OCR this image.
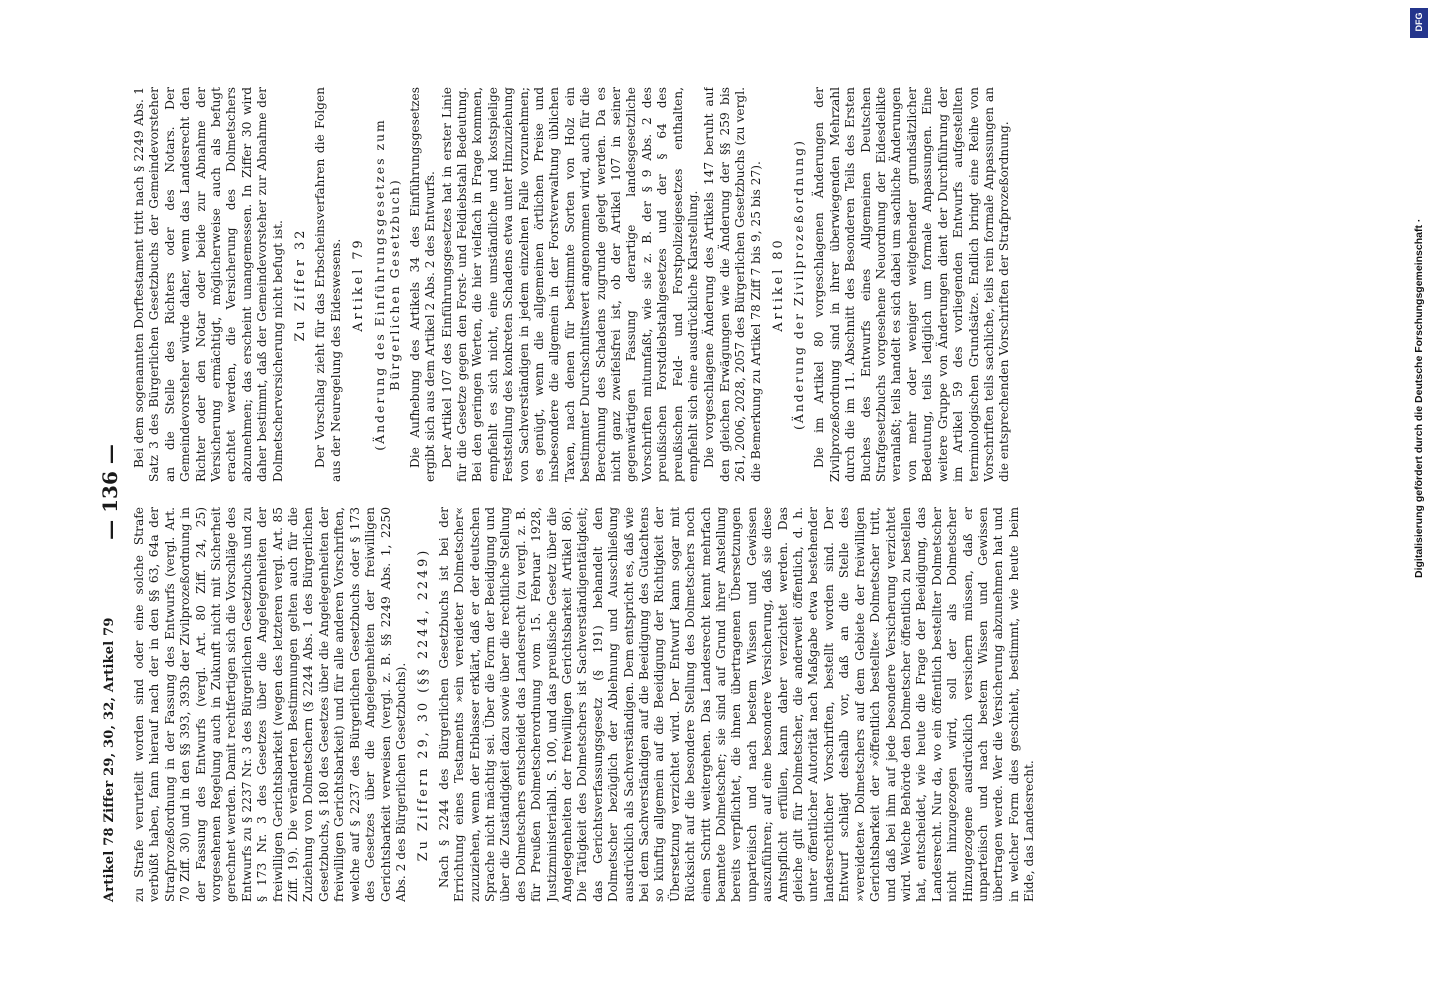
Artikel 78 Ziffer 29, 30, 32, Artikel 79
— 136 —

zu Strafe verurteilt worden sind oder eine solche Strafe verbüßt haben, fann hierauf nach der in den §§ 63, 64a der Strafprozeßordnung in der Fassung des Entwurfs (vergl. Art. 70 Ziff. 30) und in den §§ 393, 393b der Zivilprozeßordnung in der Fassung des Entwurfs (vergl. Art. 80 Ziff. 24, 25) vorgesehenen Regelung auch in Zukunft nicht mit Sicherheit gerechnet werden. Damit rechtfertigen sich die Vorschläge des Entwurfs zu § 2237 Nr. 3 des Bürgerlichen Gesetzbuchs und zu § 173 Nr. 3 des Gesetzes über die Angelegenheiten der freiwilligen Gerichtsbarkeit (wegen des letzteren vergl. Art. 85 Ziff. 19). Die veränderten Bestimmungen gelten auch für die Zuziehung von Dolmetschern (§ 2244 Abs. 1 des Bürgerlichen Gesetzbuchs, § 180 des Gesetzes über die Angelegenheiten der freiwilligen Gerichtsbarkeit) und für alle anderen Vorschriften, welche auf § 2237 des Bürgerlichen Gesetzbuchs oder § 173 des Gesetzes über die Angelegenheiten der freiwilligen Gerichtsbarkeit verweisen (vergl. z. B. §§ 2249 Abs. 1, 2250 Abs. 2 des Bürgerlichen Gesetzbuchs). Zu Ziffern 29, 30 (§§ 2244, 2249) Nach § 2244 des Bürgerlichen Gesetzbuchs ist bei der Errichtung eines Testaments »ein vereideter Dolmetscher« zuzuziehen, wenn der Erblasser erklärt, daß er der deutschen Sprache nicht mächtig sei. Über die Form der Beeidigung und über die Zuständigkeit dazu sowie über die rechtliche Stellung des Dolmetschers entscheidet das Landesrecht (zu vergl. z. B. für Preußen Dolmetscherordnung vom 15. Februar 1928, Justizministerialbl. S. 100, und das preußische Gesetz über die Angelegenheiten der freiwilligen Gerichtsbarkeit Artikel 86). Die Tätigkeit des Dolmetschers ist Sachverständigentätigkeit; das Gerichtsverfassungsgesetz (§ 191) behandelt den Dolmetscher bezüglich der Ablehnung und Ausschließung ausdrücklich als Sachverständigen. Dem entspricht es, daß wie bei dem Sachverständigen auf die Beeidigung des Gutachtens so künftig allgemein auf die Beeidigung der Richtigkeit der Übersetzung verzichtet wird. Der Entwurf kann sogar mit Rücksicht auf die besondere Stellung des Dolmetschers noch einen Schritt weitergehen. Das Landesrecht kennt mehrfach beamtete Dolmetscher; sie sind auf Grund ihrer Anstellung bereits verpflichtet, die ihnen übertragenen Übersetzungen unparteiisch und nach bestem Wissen und Gewissen auszuführen; auf eine besondere Versicherung, daß sie diese Amtspflicht erfüllen, kann daher verzichtet werden. Das gleiche gilt für Dolmetscher, die anderweit öffentlich, d. h. unter öffentlicher Autorität nach Maßgabe etwa bestehender landesrechtlicher Vorschriften, bestellt worden sind. Der Entwurf schlägt deshalb vor, daß an die Stelle des »vereideten« Dolmetschers auf dem Gebiete der freiwilligen Gerichtsbarkeit der »öffentlich bestellte« Dolmetscher tritt, und daß bei ihm auf jede besondere Versicherung verzichtet wird. Welche Behörde den Dolmetscher öffentlich zu bestellen hat, entscheidet, wie heute die Frage der Beeidigung, das Landesrecht. Nur da, wo ein öffentlich bestellter Dolmetscher nicht hinzugezogen wird, soll der als Dolmetscher Hinzugezogene ausdrücklich versichern müssen, daß er unparteiisch und nach bestem Wissen und Gewissen übertragen werde. Wer die Versicherung abzunehmen hat und in welcher Form dies geschieht, bestimmt, wie heute beim Eide, das Landesrecht.

Bei dem sogenannten Dorftestament tritt nach § 2249 Abs. 1 Satz 3 des Bürgerlichen Gesetzbuchs der Gemeindevorsteher an die Stelle des Richters oder des Notars. Der Gemeindevorsteher würde daher, wenn das Landesrecht den Richter oder den Notar oder beide zur Abnahme der Versicherung ermächtigt, möglicherweise auch als befugt erachtet werden, die Versicherung des Dolmetschers abzunehmen; das erscheint unangemessen. In Ziffer 30 wird daher bestimmt, daß der Gemeindevorsteher zur Abnahme der Dolmetscherversicherung nicht befugt ist. Zu Ziffer 32 Der Vorschlag zieht für das Erbscheinsverfahren die Folgen aus der Neuregelung des Eideswesens. Artikel 79 (Änderung des Einführungsgesetzes zum Bürgerlichen Gesetzbuch) Die Aufhebung des Artikels 34 des Einführungsgesetzes ergibt sich aus dem Artikel 2 Abs. 2 des Entwurfs. Der Artikel 107 des Einführungsgesetzes hat in erster Linie für die Gesetze gegen den Forst- und Feldiebstahl Bedeutung. Bei den geringen Werten, die hier vielfach in Frage kommen, empfiehlt es sich nicht, eine umständliche und kostspielige Feststellung des konkreten Schadens etwa unter Hinzuziehung von Sachverständigen in jedem einzelnen Falle vorzunehmen; es genügt, wenn die allgemeinen örtlichen Preise und insbesondere die allgemein in der Forstverwaltung üblichen Taxen, nach denen für bestimmte Sorten von Holz ein bestimmter Durchschnittswert angenommen wird, auch für die Berechnung des Schadens zugrunde gelegt werden. Da es nicht ganz zweifelsfrei ist, ob der Artikel 107 in seiner gegenwärtigen Fassung derartige landesgesetzliche Vorschriften mitumfaßt, wie sie z. B. der § 9 Abs. 2 des preußischen Forstdiebstahlgesetzes und der § 64 des preußischen Feld- und Forstpolizeigesetzes enthalten, empfiehlt sich eine ausdrückliche Klarstellung. Die vorgeschlagene Änderung des Artikels 147 beruht auf den gleichen Erwägungen wie die Änderung der §§ 259 bis 261, 2006, 2028, 2057 des Bürgerlichen Gesetzbuchs (zu vergl. die Bemerkung zu Artikel 78 Ziff 7 bis 9, 25 bis 27). Artikel 80 (Änderung der Zivilprozeßordnung) Die im Artikel 80 vorgeschlagenen Änderungen der Zivilprozeßordnung sind in ihrer überwiegenden Mehrzahl durch die im 11. Abschnitt des Besonderen Teils des Ersten Buches des Entwurfs eines Allgemeinen Deutschen Strafgesetzbuchs vorgesehene Neuordnung der Eidesdelikte veranlaßt; teils handelt es sich dabei um sachliche Änderungen von mehr oder weniger weitgehender grundsätzlicher Bedeutung, teils lediglich um formale Anpassungen. Eine weitere Gruppe von Änderungen dient der Durchführung der im Artikel 59 des vorliegenden Entwurfs aufgestellten terminologischen Grundsätze. Endlich bringt eine Reihe von Vorschriften teils sachliche, teils rein formale Anpassungen an die entsprechenden Vorschriften der Strafprozeßordnung.

DFG
Digitalisierung gefördert durch die Deutsche Forschungsgemeinschaft ·
